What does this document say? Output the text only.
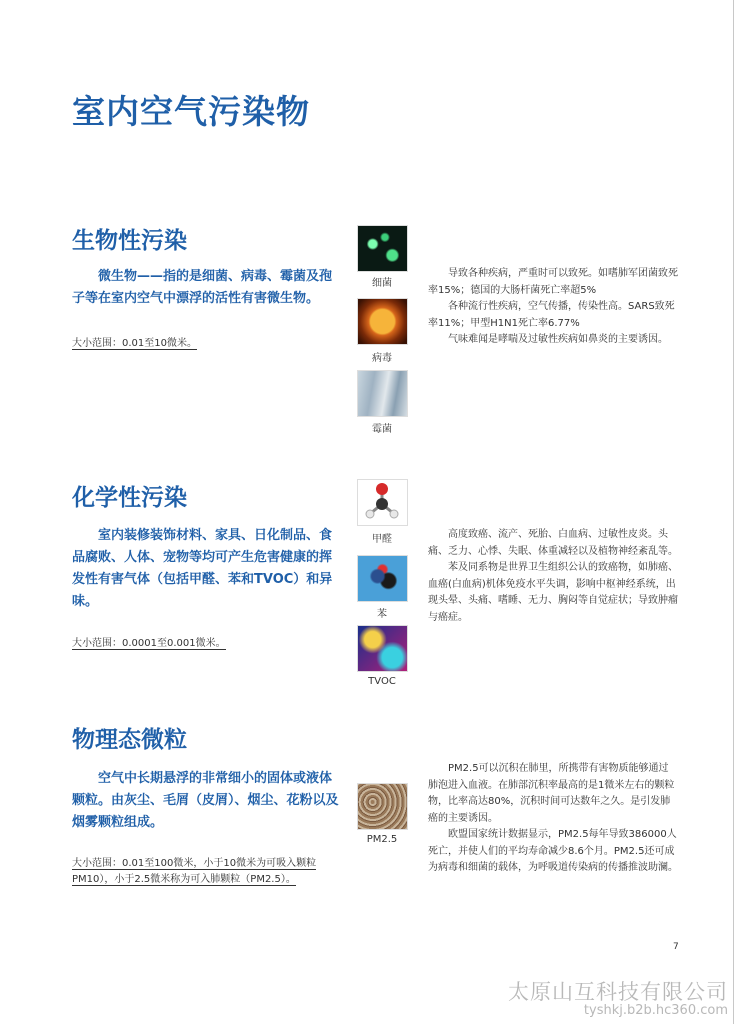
室内空气污染物
生物性污染
微生物——指的是细菌、病毒、霉菌及孢子等在室内空气中漂浮的活性有害微生物。
大小范围：0.01至10微米。
细菌
病毒
霉菌

导致各种疾病，严重时可以致死。如嗜肺军团菌致死率15%；德国的大肠杆菌死亡率超5%

各种流行性疾病，空气传播，传染性高。SARS致死率11%；甲型H1N1死亡率6.77%

气味难闻是哮喘及过敏性疾病如鼻炎的主要诱因。

化学性污染
室内装修装饰材料、家具、日化制品、食品腐败、人体、宠物等均可产生危害健康的挥发性有害气体（包括甲醛、苯和TVOC）和异味。
大小范围：0.0001至0.001微米。
甲醛
苯
TVOC

高度致癌、流产、死胎、白血病、过敏性皮炎。头痛、乏力、心悸、失眠、体重减轻以及植物神经紊乱等。

苯及同系物是世界卫生组织公认的致癌物，如肺癌、血癌(白血病)机体免疫水平失调，影响中枢神经系统，出现头晕、头痛、嗜睡、无力、胸闷等自觉症状；导致肿瘤与癌症。

物理态微粒
空气中长期悬浮的非常细小的固体或液体颗粒。由灰尘、毛屑（皮屑）、烟尘、花粉以及烟雾颗粒组成。
大小范围：0.01至100微米，小于10微米为可吸入颗粒PM10），小于2.5微米称为可入肺颗粒（PM2.5）。
PM2.5

PM2.5可以沉积在肺里，所携带有害物质能够通过肺泡进入血液。在肺部沉积率最高的是1微米左右的颗粒物，比率高达80%，沉积时间可达数年之久。是引发肺癌的主要诱因。

欧盟国家统计数据显示，PM2.5每年导致386000人死亡，并使人们的平均寿命减少8.6个月。PM2.5还可成为病毒和细菌的载体，为呼吸道传染病的传播推波助澜。

7
太原山互科技有限公司
tyshkj.b2b.hc360.com
